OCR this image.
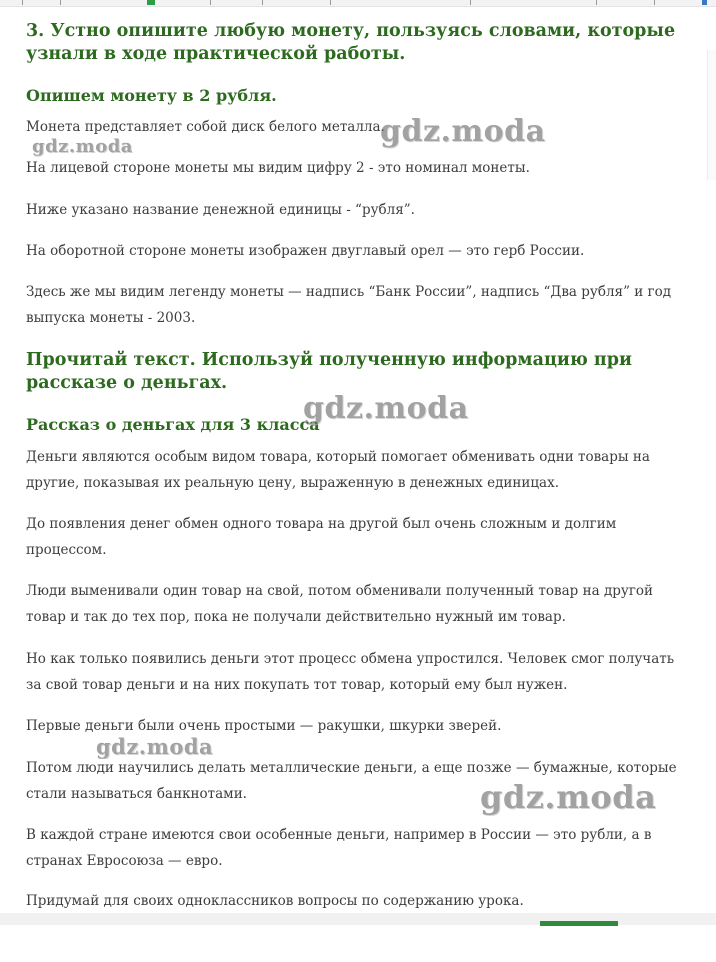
3. Устно опишите любую монету, пользуясь словами, которые узнали в ходе практической работы.
Опишем монету в 2 рубля.

Монета представляет собой диск белого металла.

На лицевой стороне монеты мы видим цифру 2 - это номинал монеты.

Ниже указано название денежной единицы - “рубля”.

На оборотной стороне монеты изображен двуглавый орел — это герб России.

Здесь же мы видим легенду монеты — надпись “Банк России”, надпись “Два рубля” и год выпуска монеты - 2003.

Прочитай текст. Используй полученную информацию при рассказе о деньгах.
Рассказ о деньгах для 3 класса

Деньги являются особым видом товара, который помогает обменивать одни товары на другие, показывая их реальную цену, выраженную в денежных единицах.

До появления денег обмен одного товара на другой был очень сложным и долгим процессом.

Люди выменивали один товар на свой, потом обменивали полученный товар на другой товар и так до тех пор, пока не получали действительно нужный им товар.

Но как только появились деньги этот процесс обмена упростился. Человек смог получать за свой товар деньги и на них покупать тот товар, который ему был нужен.

Первые деньги были очень простыми — ракушки, шкурки зверей.

Потом люди научились делать металлические деньги, а еще позже — бумажные, которые стали называться банкнотами.

В каждой стране имеются свои особенные деньги, например в России — это рубли, а в странах Евросоюза — евро.

Придумай для своих одноклассников вопросы по содержанию урока.

gdz.moda
gdz.moda
gdz.moda
gdz.moda
gdz.moda
